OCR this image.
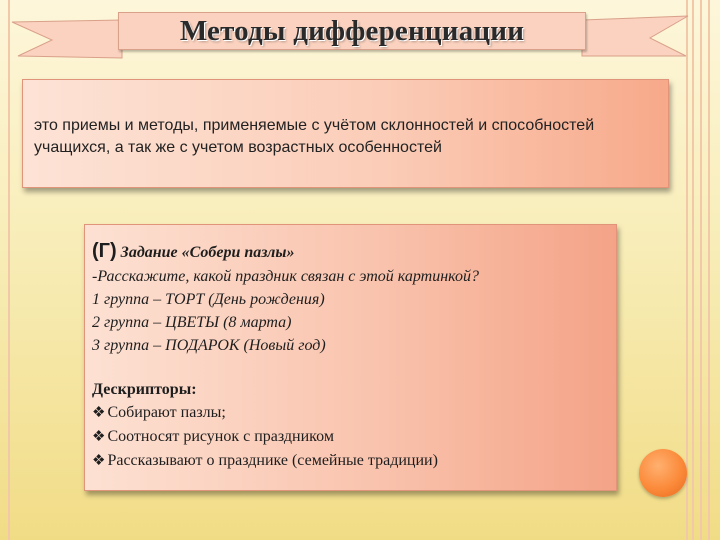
Методы дифференциации
это приемы и методы, применяемые с учётом склонностей и способностей учащихся, а так же с учетом возрастных особенностей
(Г) Задание «Собери пазлы»
-Расскажите, какой праздник связан с этой картинкой?
1 группа – ТОРТ (День рождения)
2 группа – ЦВЕТЫ (8 марта)
3 группа – ПОДАРОК (Новый год)
Дескрипторы:
❖ Собирают пазлы;
❖ Соотносят рисунок с праздником
❖ Рассказывают о празднике (семейные традиции)
